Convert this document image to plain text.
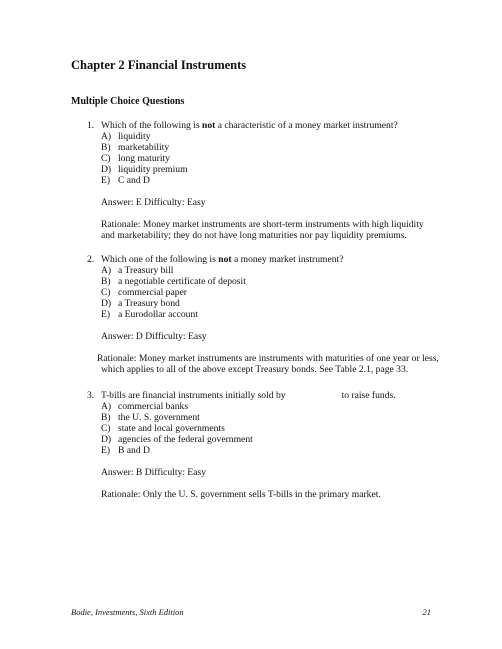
Chapter 2 Financial Instruments
Multiple Choice Questions
1. Which of the following is not a characteristic of a money market instrument?
A) liquidity
B) marketability
C) long maturity
D) liquidity premium
E) C and D
Answer: E Difficulty: Easy
Rationale: Money market instruments are short-term instruments with high liquidity
and marketability; they do not have long maturities nor pay liquidity premiums.
2. Which one of the following is not a money market instrument?
A) a Treasury bill
B) a negotiable certificate of deposit
C) commercial paper
D) a Treasury bond
E) a Eurodollar account
Answer: D Difficulty: Easy
Rationale: Money market instruments are instruments with maturities of one year or less,
which applies to all of the above except Treasury bonds. See Table 2.1, page 33.
3. T-bills are financial instruments initially sold by	to raise funds.
A) commercial banks
B) the U. S. government
C) state and local governments
D) agencies of the federal government
E) B and D
Answer: B Difficulty: Easy
Rationale: Only the U. S. government sells T-bills in the primary market.
Bodie, Investments, Sixth Edition	21
